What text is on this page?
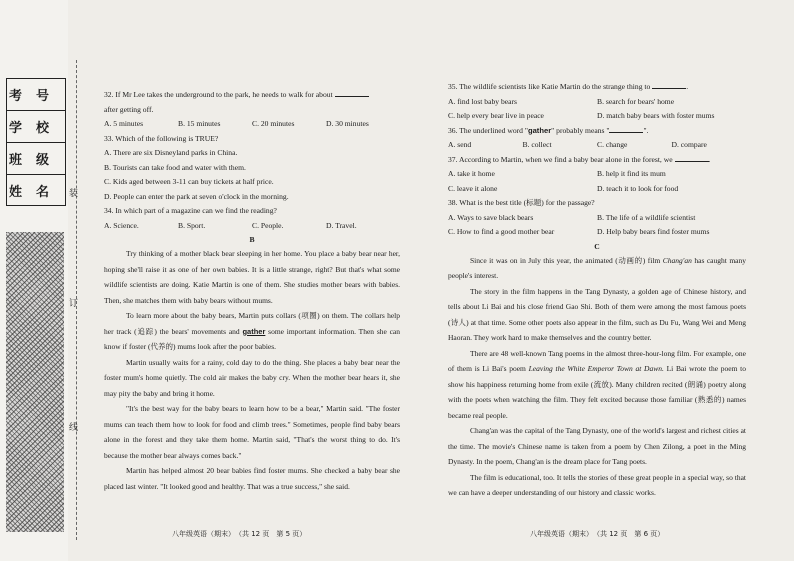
考号
学校
班级
姓名 装
订
线

32. If Mr Lee takes the underground to the park, he needs to walk for about

after getting off.

A. 5 minutes	B. 15 minutes	C. 20 minutes	D. 30 minutes

33. Which of the following is TRUE?

A. There are six Disneyland parks in China.

B. Tourists can take food and water with them.

C. Kids aged between 3-11 can buy tickets at half price.

D. People can enter the park at seven o'clock in the morning.

34. In which part of a magazine can we find the reading?

A. Science.	B. Sport.	C. People.	D. Travel.

B

Try thinking of a mother black bear sleeping in her home. You place a baby bear near her, hoping she'll raise it as one of her own babies. It is a little strange, right? But that's what some wildlife scientists are doing. Katie Martin is one of them. She studies mother bears with babies. Then, she matches them with baby bears without mums.

To learn more about the baby bears, Martin puts collars (项圈) on them. The collars help her track (追踪) the bears' movements and gather some important information. Then she can know if foster (代养的) mums look after the poor babies.

Martin usually waits for a rainy, cold day to do the thing. She places a baby bear near the foster mum's home quietly. The cold air makes the baby cry. When the mother bear hears it, she may pity the baby and bring it home.

"It's the best way for the baby bears to learn how to be a bear," Martin said. "The foster mums can teach them how to look for food and climb trees." Sometimes, people find baby bears alone in the forest and they take them home. Martin said, "That's the worst thing to do. It's because the mother bear always comes back."

Martin has helped almost 20 bear babies find foster mums. She checked a baby bear she placed last winter. "It looked good and healthy. That was a true success," she said.

八年级英语（期末）　（共 12 页　第 5 页）

35. The wildlife scientists like Katie Martin do the strange thing to	.

A. find lost baby bears	B. search for bears' home
C. help every bear live in peace	D. match baby bears with foster mums

36. The underlined word "gather" probably means "	".

A. send	B. collect	C. change	D. compare

37. According to Martin, when we find a baby bear alone in the forest, we	.

A. take it home	B. help it find its mum
C. leave it alone	D. teach it to look for food

38. What is the best title (标题) for the passage?

A. Ways to save black bears	B. The life of a wildlife scientist
C. How to find a good mother bear	D. Help baby bears find foster mums

C

Since it was on in July this year, the animated (动画的) film Chang'an has caught many people's interest.

The story in the film happens in the Tang Dynasty, a golden age of Chinese history, and tells about Li Bai and his close friend Gao Shi. Both of them were among the most famous poets (诗人) at that time. Some other poets also appear in the film, such as Du Fu, Wang Wei and Meng Haoran. They work hard to make themselves and the country better.

There are 48 well-known Tang poems in the almost three-hour-long film. For example, one of them is Li Bai's poem Leaving the White Emperor Town at Dawn. Li Bai wrote the poem to show his happiness returning home from exile (流放). Many children recited (朗诵) poetry along with the poets when watching the film. They felt excited because those familiar (熟悉的) names became real people.

Chang'an was the capital of the Tang Dynasty, one of the world's largest and richest cities at the time. The movie's Chinese name is taken from a poem by Chen Zilong, a poet in the Ming Dynasty. In the poem, Chang'an is the dream place for Tang poets.

The film is educational, too. It tells the stories of these great people in a special way, so that we can have a deeper understanding of our history and classic works.

八年级英语（期末）　（共 12 页　第 6 页）
